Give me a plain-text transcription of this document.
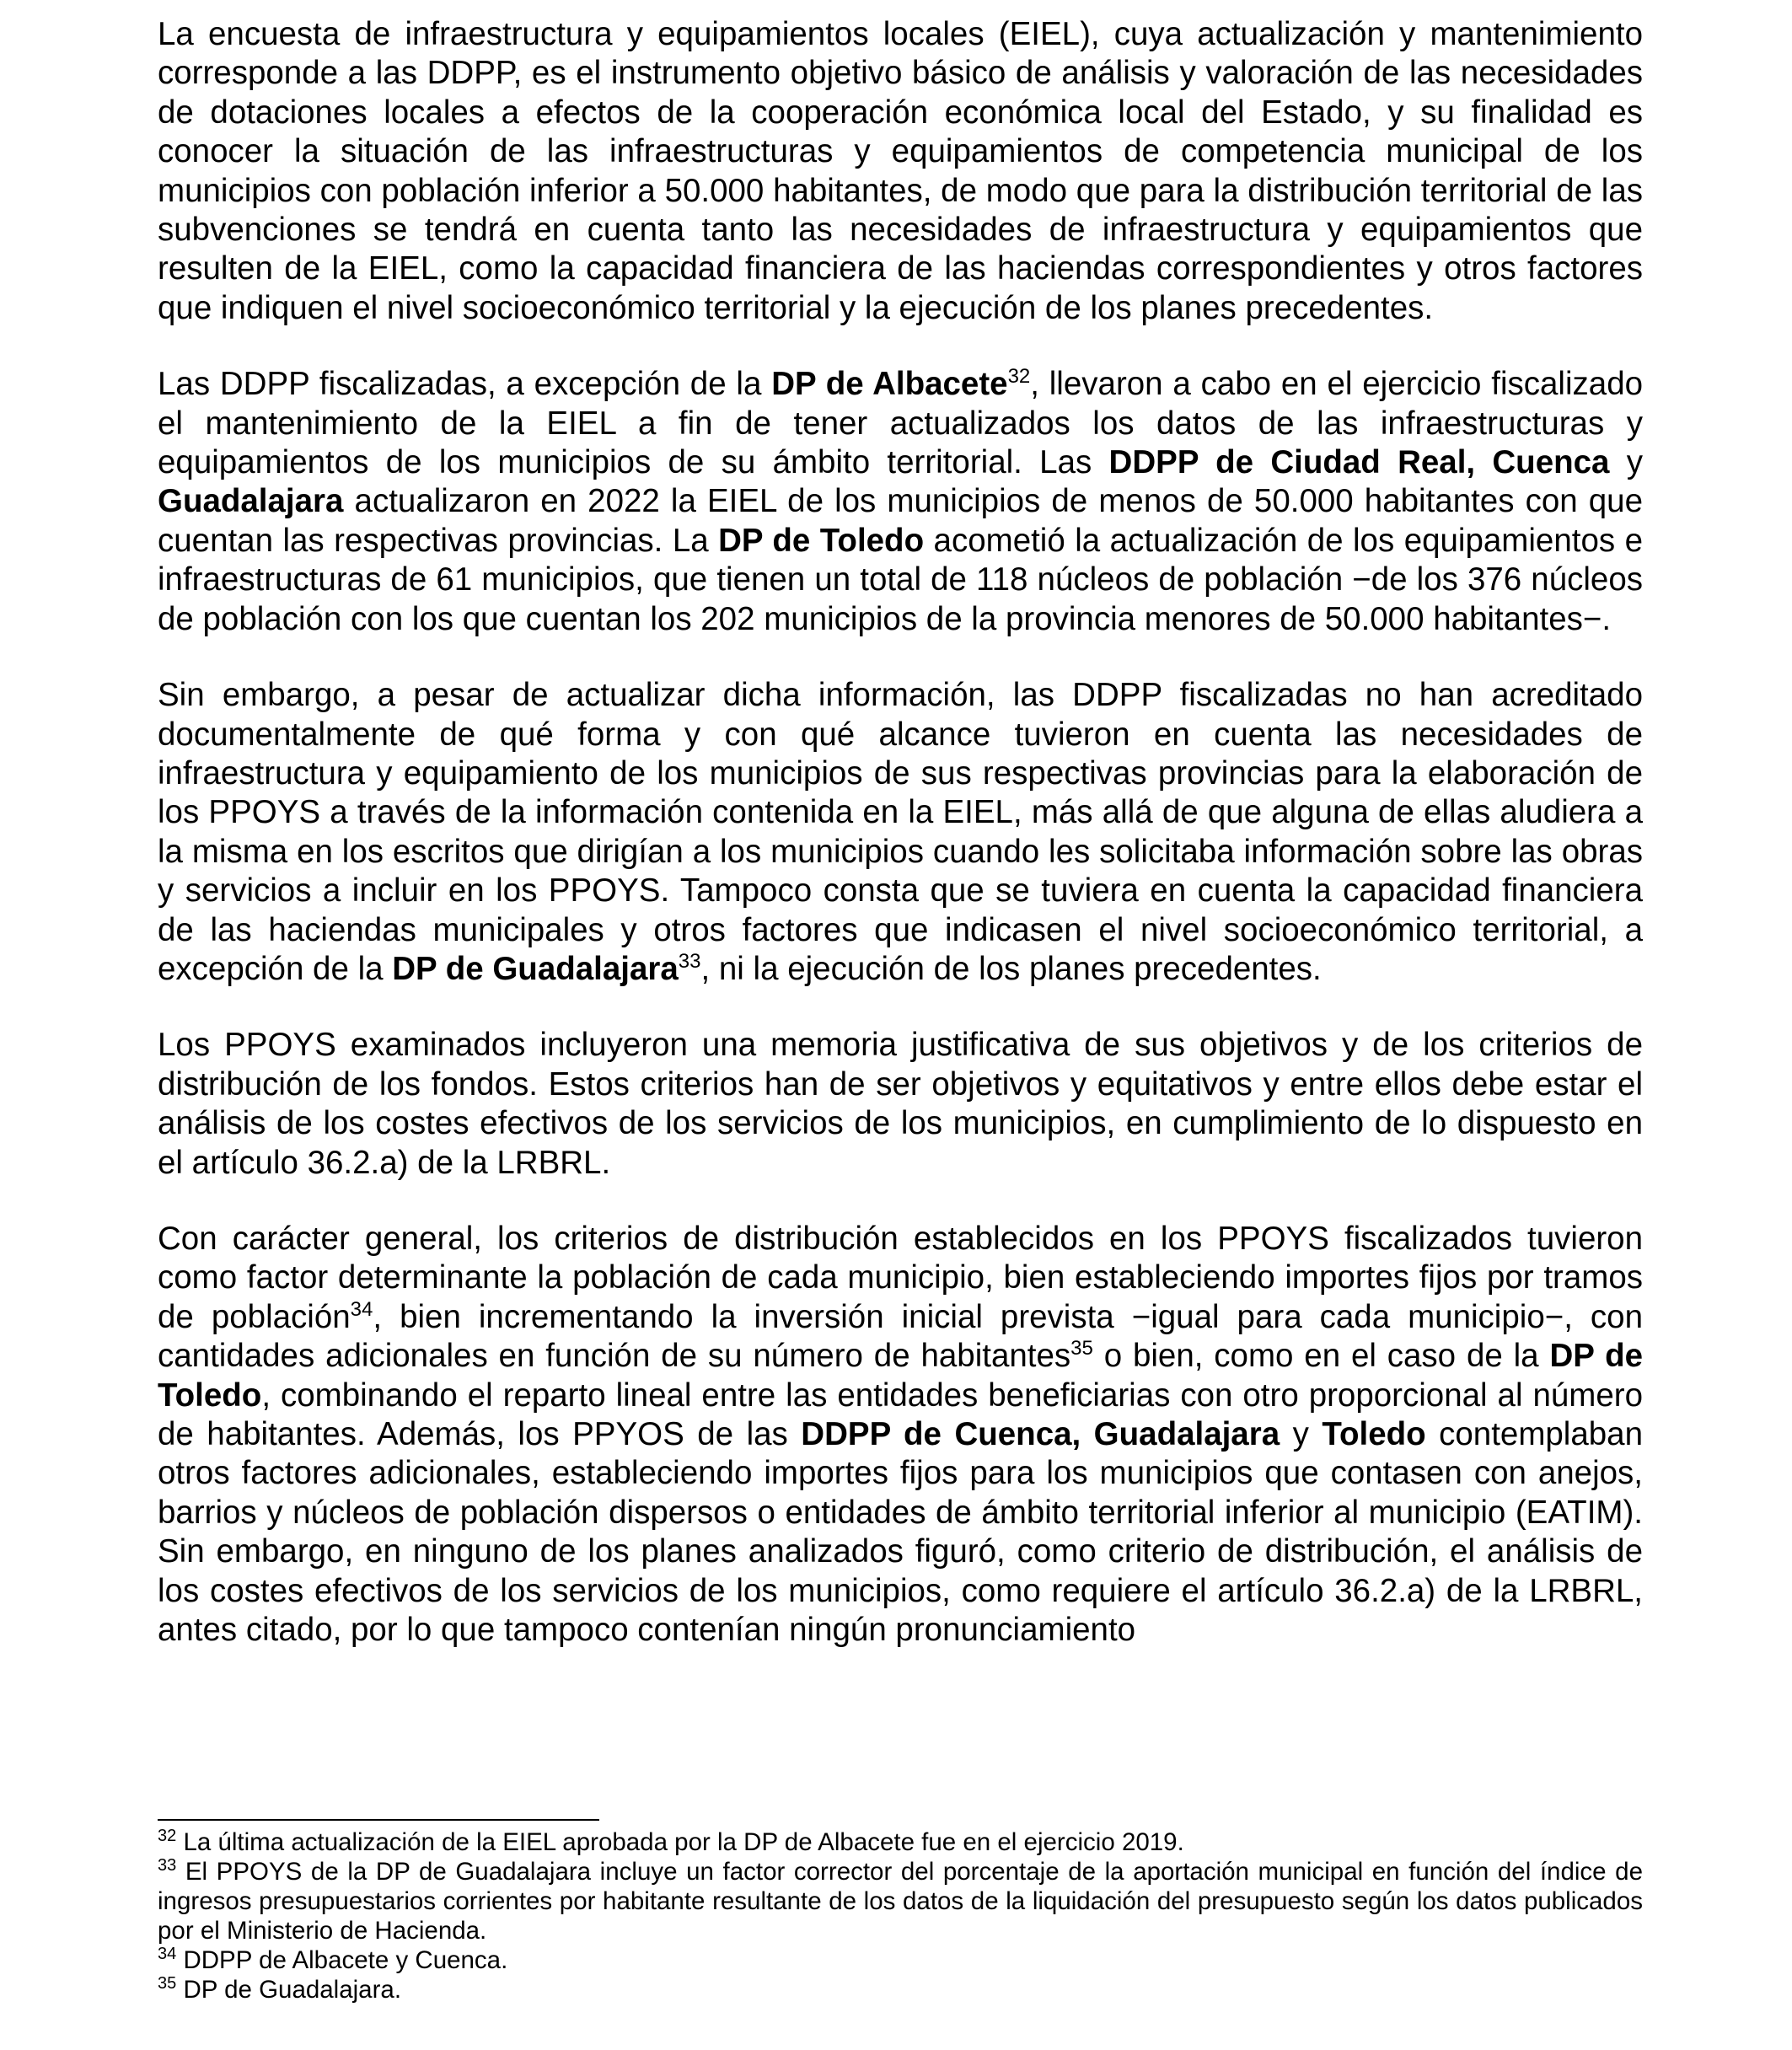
La encuesta de infraestructura y equipamientos locales (EIEL), cuya actualización y mantenimiento corresponde a las DDPP, es el instrumento objetivo básico de análisis y valoración de las necesidades de dotaciones locales a efectos de la cooperación económica local del Estado, y su finalidad es conocer la situación de las infraestructuras y equipamientos de competencia municipal de los municipios con población inferior a 50.000 habitantes, de modo que para la distribución territorial de las subvenciones se tendrá en cuenta tanto las necesidades de infraestructura y equipamientos que resulten de la EIEL, como la capacidad financiera de las haciendas correspondientes y otros factores que indiquen el nivel socioeconómico territorial y la ejecución de los planes precedentes.

Las DDPP fiscalizadas, a excepción de la DP de Albacete$^{32}$, llevaron a cabo en el ejercicio fiscalizado el mantenimiento de la EIEL a fin de tener actualizados los datos de las infraestructuras y equipamientos de los municipios de su ámbito territorial. Las DDPP de Ciudad Real, Cuenca y Guadalajara actualizaron en 2022 la EIEL de los municipios de menos de 50.000 habitantes con que cuentan las respectivas provincias. La DP de Toledo acometió la actualización de los equipamientos e infraestructuras de 61 municipios, que tienen un total de 118 núcleos de población −de los 376 núcleos de población con los que cuentan los 202 municipios de la provincia menores de 50.000 habitantes−.

Sin embargo, a pesar de actualizar dicha información, las DDPP fiscalizadas no han acreditado documentalmente de qué forma y con qué alcance tuvieron en cuenta las necesidades de infraestructura y equipamiento de los municipios de sus respectivas provincias para la elaboración de los PPOYS a través de la información contenida en la EIEL, más allá de que alguna de ellas aludiera a la misma en los escritos que dirigían a los municipios cuando les solicitaba información sobre las obras y servicios a incluir en los PPOYS. Tampoco consta que se tuviera en cuenta la capacidad financiera de las haciendas municipales y otros factores que indicasen el nivel socioeconómico territorial, a excepción de la DP de Guadalajara$^{33}$, ni la ejecución de los planes precedentes.

Los PPOYS examinados incluyeron una memoria justificativa de sus objetivos y de los criterios de distribución de los fondos. Estos criterios han de ser objetivos y equitativos y entre ellos debe estar el análisis de los costes efectivos de los servicios de los municipios, en cumplimiento de lo dispuesto en el artículo 36.2.a) de la LRBRL.

Con carácter general, los criterios de distribución establecidos en los PPOYS fiscalizados tuvieron como factor determinante la población de cada municipio, bien estableciendo importes fijos por tramos de población$^{34}$, bien incrementando la inversión inicial prevista −igual para cada municipio−, con cantidades adicionales en función de su número de habitantes$^{35}$ o bien, como en el caso de la DP de Toledo, combinando el reparto lineal entre las entidades beneficiarias con otro proporcional al número de habitantes. Además, los PPYOS de las DDPP de Cuenca, Guadalajara y Toledo contemplaban otros factores adicionales, estableciendo importes fijos para los municipios que contasen con anejos, barrios y núcleos de población dispersos o entidades de ámbito territorial inferior al municipio (EATIM). Sin embargo, en ninguno de los planes analizados figuró, como criterio de distribución, el análisis de los costes efectivos de los servicios de los municipios, como requiere el artículo 36.2.a) de la LRBRL, antes citado, por lo que tampoco contenían ningún pronunciamiento

$^{32}$ La última actualización de la EIEL aprobada por la DP de Albacete fue en el ejercicio 2019.

$^{33}$ El PPOYS de la DP de Guadalajara incluye un factor corrector del porcentaje de la aportación municipal en función del índice de ingresos presupuestarios corrientes por habitante resultante de los datos de la liquidación del presupuesto según los datos publicados por el Ministerio de Hacienda.

$^{34}$ DDPP de Albacete y Cuenca.

$^{35}$ DP de Guadalajara.
